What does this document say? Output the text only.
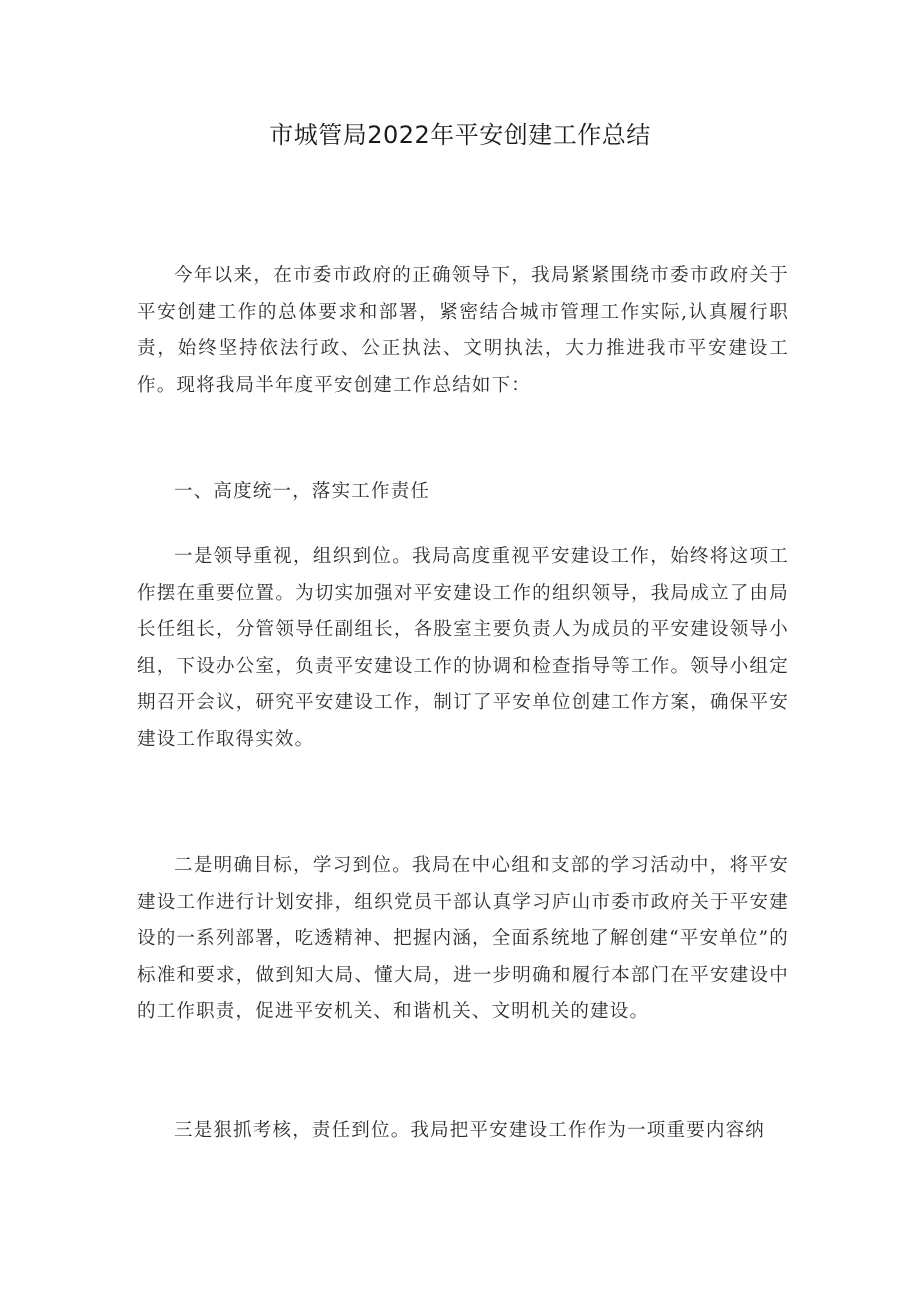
市城管局2022年平安创建工作总结

今年以来，在市委市政府的正确领导下，我局紧紧围绕市委市政府关于平安创建工作的总体要求和部署，紧密结合城市管理工作实际,认真履行职责，始终坚持依法行政、公正执法、文明执法，大力推进我市平安建设工作。现将我局半年度平安创建工作总结如下：

一、高度统一，落实工作责任

一是领导重视，组织到位。我局高度重视平安建设工作，始终将这项工作摆在重要位置。为切实加强对平安建设工作的组织领导，我局成立了由局长任组长，分管领导任副组长，各股室主要负责人为成员的平安建设领导小组，下设办公室，负责平安建设工作的协调和检查指导等工作。领导小组定期召开会议，研究平安建设工作，制订了平安单位创建工作方案，确保平安建设工作取得实效。

二是明确目标，学习到位。我局在中心组和支部的学习活动中，将平安建设工作进行计划安排，组织党员干部认真学习庐山市委市政府关于平安建设的一系列部署，吃透精神、把握内涵，全面系统地了解创建“平安单位”的标准和要求，做到知大局、懂大局，进一步明确和履行本部门在平安建设中的工作职责，促进平安机关、和谐机关、文明机关的建设。

三是狠抓考核，责任到位。我局把平安建设工作作为一项重要内容纳
